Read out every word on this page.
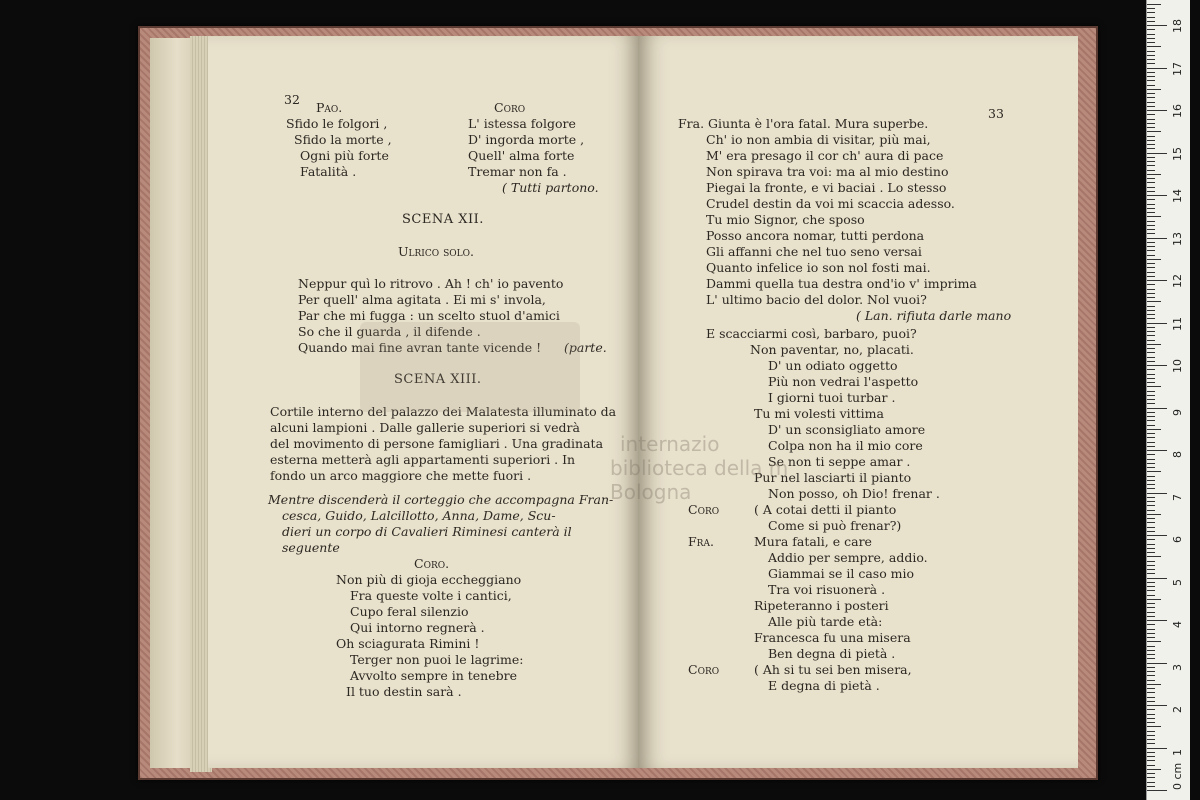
32
Pao.	Coro
Sfido le folgori ,	L' istessa folgore
Sfido la morte ,	D' ingorda morte ,
Ogni più forte	Quell' alma forte
Fatalità .	Tremar non fa .
( Tutti partono.
SCENA XII.
Ulrico solo.
Neppur quì lo ritrovo . Ah ! ch' io pavento
Per quell' alma agitata . Ei mi s' invola,
Par che mi fugga : un scelto stuol d'amici
So che il guarda , il difende .
Quando mai fine avran tante vicende ! (parte.
SCENA XIII.
Cortile interno del palazzo dei Malatesta illuminato da
alcuni lampioni . Dalle gallerie superiori si vedrà
del movimento di persone famigliari . Una gradinata
esterna metterà agli appartamenti superiori . In
fondo un arco maggiore che mette fuori .
Mentre discenderà il corteggio che accompagna Fran-
cesca, Guido, Lalcillotto, Anna, Dame, Scu-
dieri un corpo di Cavalieri Riminesi canterà il
seguente
Coro.
Non più di gioja eccheggiano
Fra queste volte i cantici,
Cupo feral silenzio
Qui intorno regnerà .
Oh sciagurata Rimini !
Terger non puoi le lagrime:
Avvolto sempre in tenebre
Il tuo destin sarà .
33
Fra. Giunta è l'ora fatal. Mura superbe.
Ch' io non ambia di visitar, più mai,
M' era presago il cor ch' aura di pace
Non spirava tra voi: ma al mio destino
Piegai la fronte, e vi baciai . Lo stesso
Crudel destin da voi mi scaccia adesso.
Tu mio Signor, che sposo
Posso ancora nomar, tutti perdona
Gli affanni che nel tuo seno versai
Quanto infelice io son nol fosti mai.
Dammi quella tua destra ond'io v' imprima
L' ultimo bacio del dolor. Nol vuoi?
( Lan. rifiuta darle mano
E scacciarmi così, barbaro, puoi?
Non paventar, no, placati.
D' un odiato oggetto
Più non vedrai l'aspetto
I giorni tuoi turbar .
Tu mi volesti vittima
D' un sconsigliato amore
Colpa non ha il mio core
Se non ti seppe amar .
Pur nel lasciarti il pianto
Non posso, oh Dio! frenar .
Coro	( A cotai detti il pianto
Come si può frenar?)
Fra.	Mura fatali, e care
Addio per sempre, addio.
Giammai se il caso mio
Tra voi risuonerà .
Ripeteranno i posteri
Alle più tarde età:
Francesca fu una misera
Ben degna di pietà .
Coro	( Ah si tu sei ben misera,
E degna di pietà .
internazio
biblioteca della m
Bologna
0 cm
1
2
3
4
5
6
7
8
9
10
11
12
13
14
15
16
17
18
